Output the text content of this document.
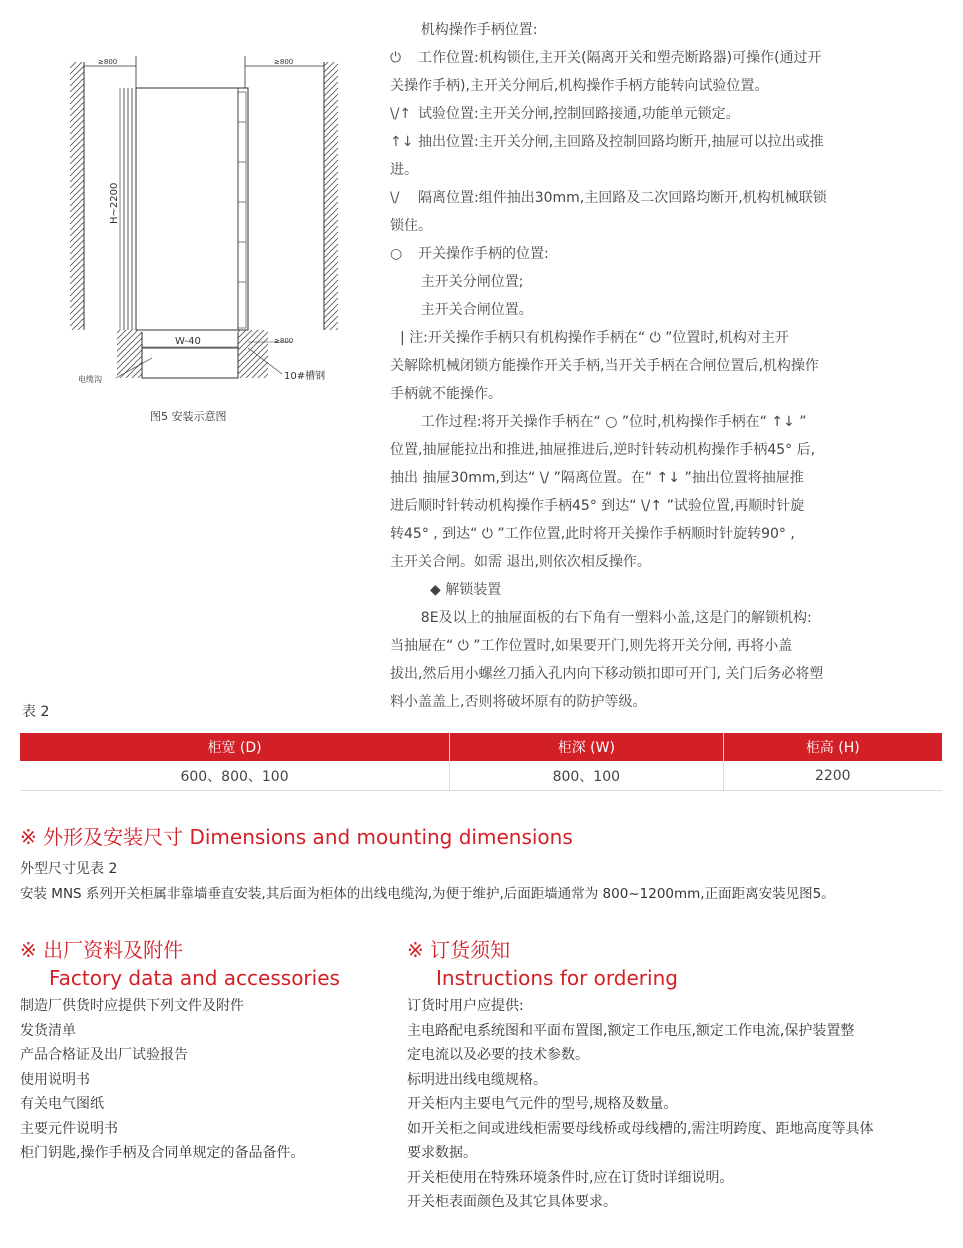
≥800	≥800
H~2200
W-40	≥800
电缆沟	10#槽钢
图5 安装示意图
机构操作手柄位置:
⏻ 工作位置:机构锁住,主开关(隔离开关和塑壳断路器)可操作(通过开
关操作手柄),主开关分闸后,机构操作手柄方能转向试验位置。
\/↑ 试验位置:主开关分闸,控制回路接通,功能单元锁定。
↑↓ 抽出位置:主开关分闸,主回路及控制回路均断开,抽屉可以拉出或推
进。
\/ 隔离位置:组件抽出30mm,主回路及二次回路均断开,机构机械联锁
锁住。
○ 开关操作手柄的位置:
主开关分闸位置;
主开关合闸位置。
| 注:开关操作手柄只有机构操作手柄在“ ⏻ ”位置时,机构对主开
关解除机械闭锁方能操作开关手柄,当开关手柄在合闸位置后,机构操作
手柄就不能操作。
工作过程:将开关操作手柄在“ ○ ”位时,机构操作手柄在“ ↑↓ ”
位置,抽屉能拉出和推进,抽屉推进后,逆时针转动机构操作手柄45° 后,
抽出 抽屉30mm,到达“ \/ ”隔离位置。在“ ↑↓ ”抽出位置将抽屉推
进后顺时针转动机构操作手柄45° 到达“ \/↑ ”试验位置,再顺时针旋
转45° , 到达“ ⏻ ”工作位置,此时将开关操作手柄顺时针旋转90° ,
主开关合闸。如需 退出,则依次相反操作。
◆ 解锁装置
8E及以上的抽屉面板的右下角有一塑料小盖,这是门的解锁机构:
当抽屉在“ ⏻ ”工作位置时,如果要开门,则先将开关分闸, 再将小盖
拔出,然后用小螺丝刀插入孔内向下移动锁扣即可开门, 关门后务必将塑
料小盖盖上,否则将破坏原有的防护等级。
表 2
柜宽 (D)	柜深 (W)	柜高 (H)
600、800、100	800、100	2200
※ 外形及安装尺寸 Dimensions and mounting dimensions
外型尺寸见表 2
安装 MNS 系列开关柜属非靠墙垂直安装,其后面为柜体的出线电缆沟,为便于维护,后面距墙通常为 800~1200mm,正面距离安装见图5。
※ 出厂资料及附件
Factory data and accessories
制造厂供货时应提供下列文件及附件
发货清单
产品合格证及出厂试验报告
使用说明书
有关电气图纸
主要元件说明书
柜门钥匙,操作手柄及合同单规定的备品备件。
※ 订货须知
Instructions for ordering
订货时用户应提供:
主电路配电系统图和平面布置图,额定工作电压,额定工作电流,保护装置整
定电流以及必要的技术参数。
标明进出线电缆规格。
开关柜内主要电气元件的型号,规格及数量。
如开关柜之间或进线柜需要母线桥或母线槽的,需注明跨度、距地高度等具体
要求数据。
开关柜使用在特殊环境条件时,应在订货时详细说明。
开关柜表面颜色及其它具体要求。
